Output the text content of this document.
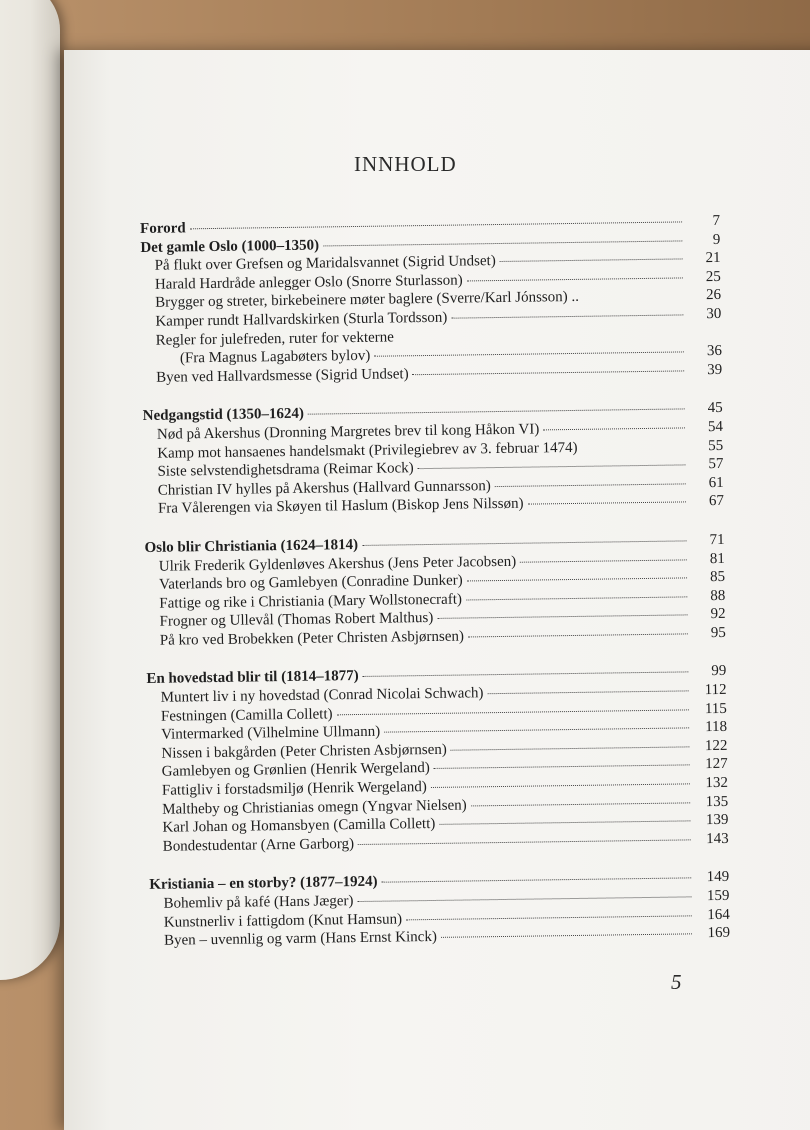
INNHOLD
Forord	7
Det gamle Oslo (1000–1350)	9
På flukt over Grefsen og Maridalsvannet (Sigrid Undset)	21
Harald Hardråde anlegger Oslo (Snorre Sturlasson)	25
Brygger og streter, birkebeinere møter baglere (Sverre/Karl Jónsson) ..	26
Kamper rundt Hallvardskirken (Sturla Tordsson)	30
Regler for julefreden, ruter for vekterne
(Fra Magnus Lagabøters bylov)	36
Byen ved Hallvardsmesse (Sigrid Undset)	39
Nedgangstid (1350–1624)	45
Nød på Akershus (Dronning Margretes brev til kong Håkon VI)	54
Kamp mot hansaenes handelsmakt (Privilegiebrev av 3. februar 1474)	55
Siste selvstendighetsdrama (Reimar Kock)	57
Christian IV hylles på Akershus (Hallvard Gunnarsson)	61
Fra Vålerengen via Skøyen til Haslum (Biskop Jens Nilssøn)	67
Oslo blir Christiania (1624–1814)	71
Ulrik Frederik Gyldenløves Akershus (Jens Peter Jacobsen)	81
Vaterlands bro og Gamlebyen (Conradine Dunker)	85
Fattige og rike i Christiania (Mary Wollstonecraft)	88
Frogner og Ullevål (Thomas Robert Malthus)	92
På kro ved Brobekken (Peter Christen Asbjørnsen)	95
En hovedstad blir til (1814–1877)	99
Muntert liv i ny hovedstad (Conrad Nicolai Schwach)	112
Festningen (Camilla Collett)	115
Vintermarked (Vilhelmine Ullmann)	118
Nissen i bakgården (Peter Christen Asbjørnsen)	122
Gamlebyen og Grønlien (Henrik Wergeland)	127
Fattigliv i forstadsmiljø (Henrik Wergeland)	132
Maltheby og Christianias omegn (Yngvar Nielsen)	135
Karl Johan og Homansbyen (Camilla Collett)	139
Bondestudentar (Arne Garborg)	143
Kristiania – en storby? (1877–1924)	149
Bohemliv på kafé (Hans Jæger)	159
Kunstnerliv i fattigdom (Knut Hamsun)	164
Byen – uvennlig og varm (Hans Ernst Kinck)	169
5
